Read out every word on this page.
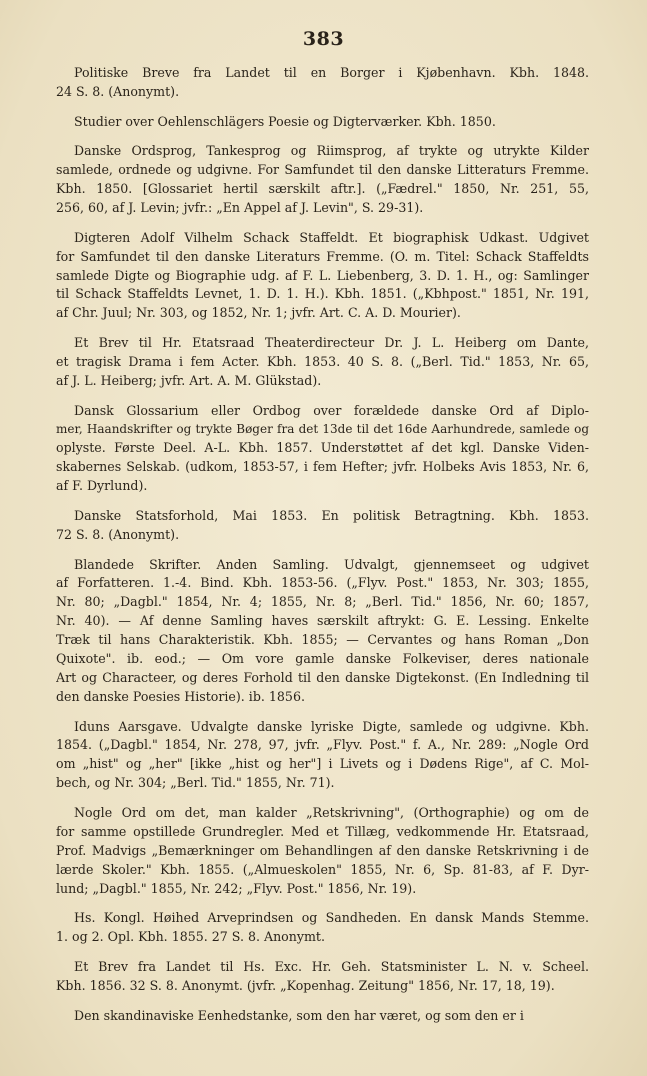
383
Politiske Breve fra Landet til en Borger i Kjøbenhavn. Kbh. 1848.
24 S. 8. (Anonymt).
Studier over Oehlenschlägers Poesie og Digterværker. Kbh. 1850.
Danske Ordsprog, Tankesprog og Riimsprog, af trykte og utrykte Kilder
samlede, ordnede og udgivne. For Samfundet til den danske Litteraturs Fremme.
Kbh. 1850. [Glossariet hertil særskilt aftr.]. („Fædrel." 1850, Nr. 251, 55,
256, 60, af J. Levin; jvfr.: „En Appel af J. Levin", S. 29-31).
Digteren Adolf Vilhelm Schack Staffeldt. Et biographisk Udkast. Udgivet
for Samfundet til den danske Literaturs Fremme. (O. m. Titel: Schack Staffeldts
samlede Digte og Biographie udg. af F. L. Liebenberg, 3. D. 1. H., og: Samlinger
til Schack Staffeldts Levnet, 1. D. 1. H.). Kbh. 1851. („Kbhpost." 1851, Nr. 191,
af Chr. Juul; Nr. 303, og 1852, Nr. 1; jvfr. Art. C. A. D. Mourier).
Et Brev til Hr. Etatsraad Theaterdirecteur Dr. J. L. Heiberg om Dante,
et tragisk Drama i fem Acter. Kbh. 1853. 40 S. 8. („Berl. Tid." 1853, Nr. 65,
af J. L. Heiberg; jvfr. Art. A. M. Glükstad).
Dansk Glossarium eller Ordbog over forældede danske Ord af Diplo-
mer, Haandskrifter og trykte Bøger fra det 13de til det 16de Aarhundrede, samlede og
oplyste. Første Deel. A-L. Kbh. 1857. Understøttet af det kgl. Danske Viden-
skabernes Selskab. (udkom, 1853-57, i fem Hefter; jvfr. Holbeks Avis 1853, Nr. 6,
af F. Dyrlund).
Danske Statsforhold, Mai 1853. En politisk Betragtning. Kbh. 1853.
72 S. 8. (Anonymt).
Blandede Skrifter. Anden Samling. Udvalgt, gjennemseet og udgivet
af Forfatteren. 1.-4. Bind. Kbh. 1853-56. („Flyv. Post." 1853, Nr. 303; 1855,
Nr. 80; „Dagbl." 1854, Nr. 4; 1855, Nr. 8; „Berl. Tid." 1856, Nr. 60; 1857,
Nr. 40). — Af denne Samling haves særskilt aftrykt: G. E. Lessing. Enkelte
Træk til hans Charakteristik. Kbh. 1855; — Cervantes og hans Roman „Don
Quixote". ib. eod.; — Om vore gamle danske Folkeviser, deres nationale
Art og Characteer, og deres Forhold til den danske Digtekonst. (En Indledning til
den danske Poesies Historie). ib. 1856.
Iduns Aarsgave. Udvalgte danske lyriske Digte, samlede og udgivne. Kbh.
1854. („Dagbl." 1854, Nr. 278, 97, jvfr. „Flyv. Post." f. A., Nr. 289: „Nogle Ord
om „hist" og „her" [ikke „hist og her"] i Livets og i Dødens Rige", af C. Mol-
bech, og Nr. 304; „Berl. Tid." 1855, Nr. 71).
Nogle Ord om det, man kalder „Retskrivning", (Orthographie) og om de
for samme opstillede Grundregler. Med et Tillæg, vedkommende Hr. Etatsraad,
Prof. Madvigs „Bemærkninger om Behandlingen af den danske Retskrivning i de
lærde Skoler." Kbh. 1855. („Almueskolen" 1855, Nr. 6, Sp. 81-83, af F. Dyr-
lund; „Dagbl." 1855, Nr. 242; „Flyv. Post." 1856, Nr. 19).
Hs. Kongl. Høihed Arveprindsen og Sandheden. En dansk Mands Stemme.
1. og 2. Opl. Kbh. 1855. 27 S. 8. Anonymt.
Et Brev fra Landet til Hs. Exc. Hr. Geh. Statsminister L. N. v. Scheel.
Kbh. 1856. 32 S. 8. Anonymt. (jvfr. „Kopenhag. Zeitung" 1856, Nr. 17, 18, 19).
Den skandinaviske Eenhedstanke, som den har været, og som den er i
